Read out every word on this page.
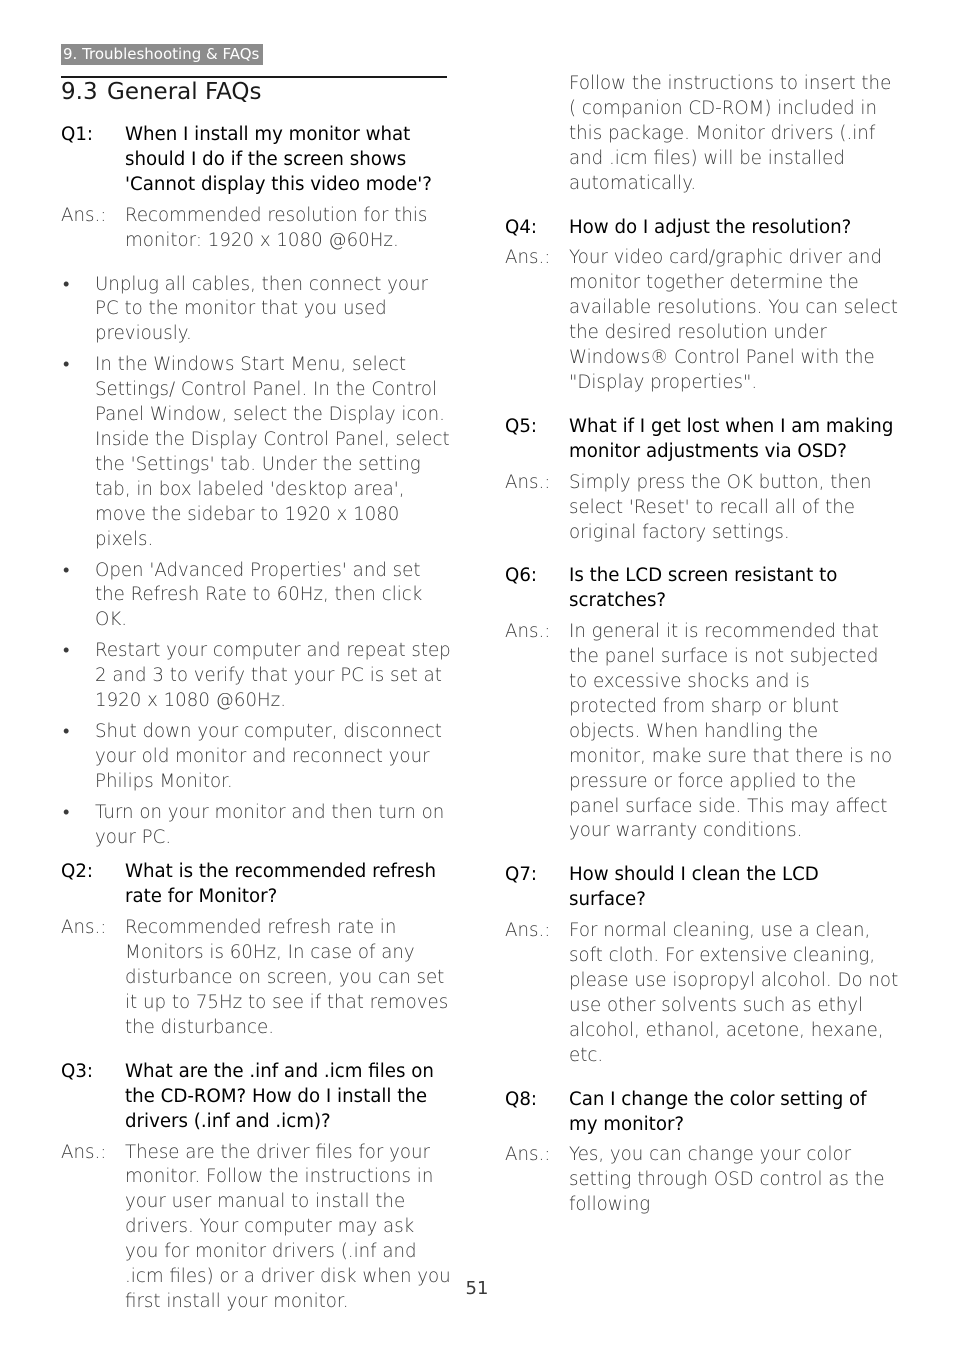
9. Troubleshooting & FAQs
9.3 General FAQs
Q1:	When I install my monitor what should I do if the screen shows 'Cannot display this video mode'?
Ans.:	Recommended resolution for this monitor: 1920 x 1080 @60Hz.
•	Unplug all cables, then connect your PC to the monitor that you used previously.
•	In the Windows Start Menu, select Settings/ Control Panel. In the Control Panel Window, select the Display icon. Inside the Display Control Panel, select the 'Settings' tab. Under the setting tab, in box labeled 'desktop area', move the sidebar to 1920 x 1080 pixels.
•	Open 'Advanced Properties' and set the Refresh Rate to 60Hz, then click OK.
•	Restart your computer and repeat step 2 and 3 to verify that your PC is set at 1920 x 1080 @60Hz.
•	Shut down your computer, disconnect your old monitor and reconnect your Philips Monitor.
•	Turn on your monitor and then turn on your PC.
Q2:	What is the recommended refresh rate for Monitor?
Ans.:	Recommended refresh rate in Monitors is 60Hz, In case of any disturbance on screen, you can set it up to 75Hz to see if that removes the disturbance.
Q3:	What are the .inf and .icm files on the CD-ROM? How do I install the drivers (.inf and .icm)?
Ans.:	These are the driver files for your monitor. Follow the instructions in your user manual to install the drivers. Your computer may ask you for monitor drivers (.inf and .icm files) or a driver disk when you first install your monitor.
Follow the instructions to insert the ( companion CD-ROM) included in this package. Monitor drivers (.inf and .icm files) will be installed automatically.
Q4:	How do I adjust the resolution?
Ans.:	Your video card/graphic driver and monitor together determine the available resolutions. You can select the desired resolution under Windows® Control Panel with the "Display properties".
Q5:	What if I get lost when I am making monitor adjustments via OSD?
Ans.:	Simply press the OK button, then select 'Reset' to recall all of the original factory settings.
Q6:	Is the LCD screen resistant to scratches?
Ans.:	In general it is recommended that the panel surface is not subjected to excessive shocks and is protected from sharp or blunt objects. When handling the monitor, make sure that there is no pressure or force applied to the panel surface side. This may affect your warranty conditions.
Q7:	How should I clean the LCD surface?
Ans.:	For normal cleaning, use a clean, soft cloth. For extensive cleaning, please use isopropyl alcohol. Do not use other solvents such as ethyl alcohol, ethanol, acetone, hexane, etc.
Q8:	Can I change the color setting of my monitor?
Ans.:	Yes, you can change your color setting through OSD control as the following
51
